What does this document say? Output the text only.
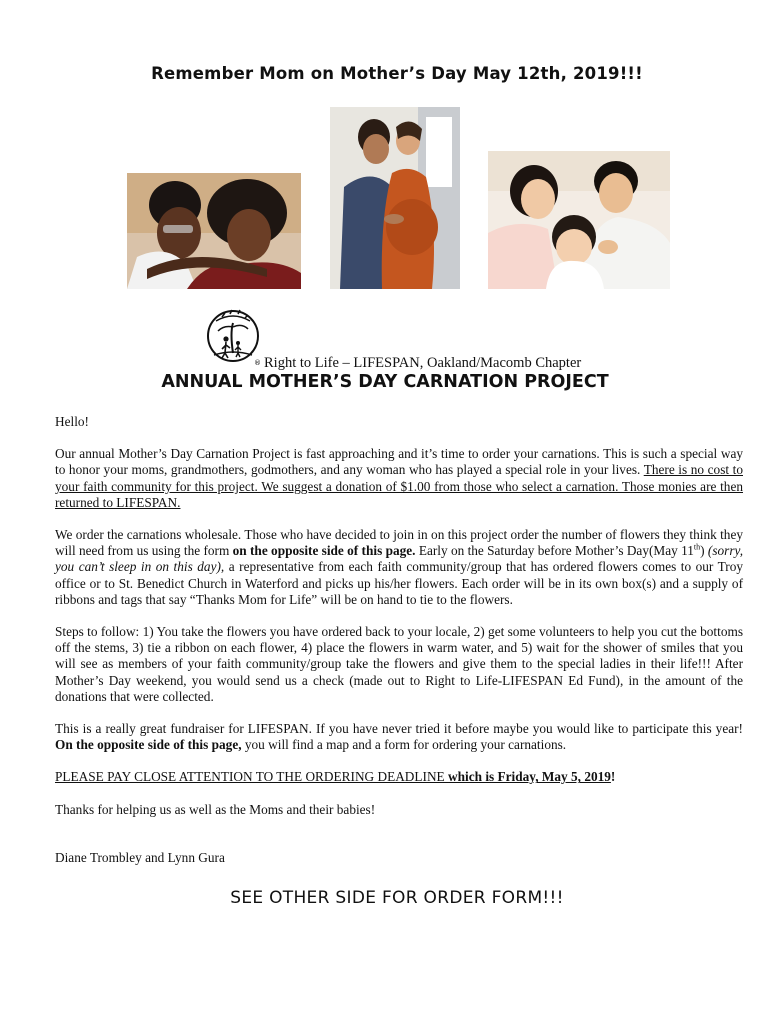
Remember Mom on Mother’s Day May 12th, 2019!!!
® Right to Life – LIFESPAN, Oakland/Macomb Chapter
ANNUAL MOTHER’S DAY CARNATION PROJECT

Hello!

Our annual Mother’s Day Carnation Project is fast approaching and it’s time to order your carnations. This is such a special way to honor your moms, grandmothers, godmothers, and any woman who has played a special role in your lives. There is no cost to your faith community for this project. We suggest a donation of $1.00 from those who select a carnation. Those monies are then returned to LIFESPAN.

We order the carnations wholesale. Those who have decided to join in on this project order the number of flowers they think they will need from us using the form on the opposite side of this page. Early on the Saturday before Mother’s Day(May 11th) (sorry, you can’t sleep in on this day), a representative from each faith community/group that has ordered flowers comes to our Troy office or to St. Benedict Church in Waterford and picks up his/her flowers. Each order will be in its own box(s) and a supply of ribbons and tags that say “Thanks Mom for Life” will be on hand to tie to the flowers.

Steps to follow: 1) You take the flowers you have ordered back to your locale, 2) get some volunteers to help you cut the bottoms off the stems, 3) tie a ribbon on each flower, 4) place the flowers in warm water, and 5) wait for the shower of smiles that you will see as members of your faith community/group take the flowers and give them to the special ladies in their life!!! After Mother’s Day weekend, you would send us a check (made out to Right to Life-LIFESPAN Ed Fund), in the amount of the donations that were collected.

This is a really great fundraiser for LIFESPAN. If you have never tried it before maybe you would like to participate this year! On the opposite side of this page, you will find a map and a form for ordering your carnations.

PLEASE PAY CLOSE ATTENTION TO THE ORDERING DEADLINE which is Friday, May 5, 2019!

Thanks for helping us as well as the Moms and their babies!

Diane Trombley and Lynn Gura

SEE OTHER SIDE FOR ORDER FORM!!!
